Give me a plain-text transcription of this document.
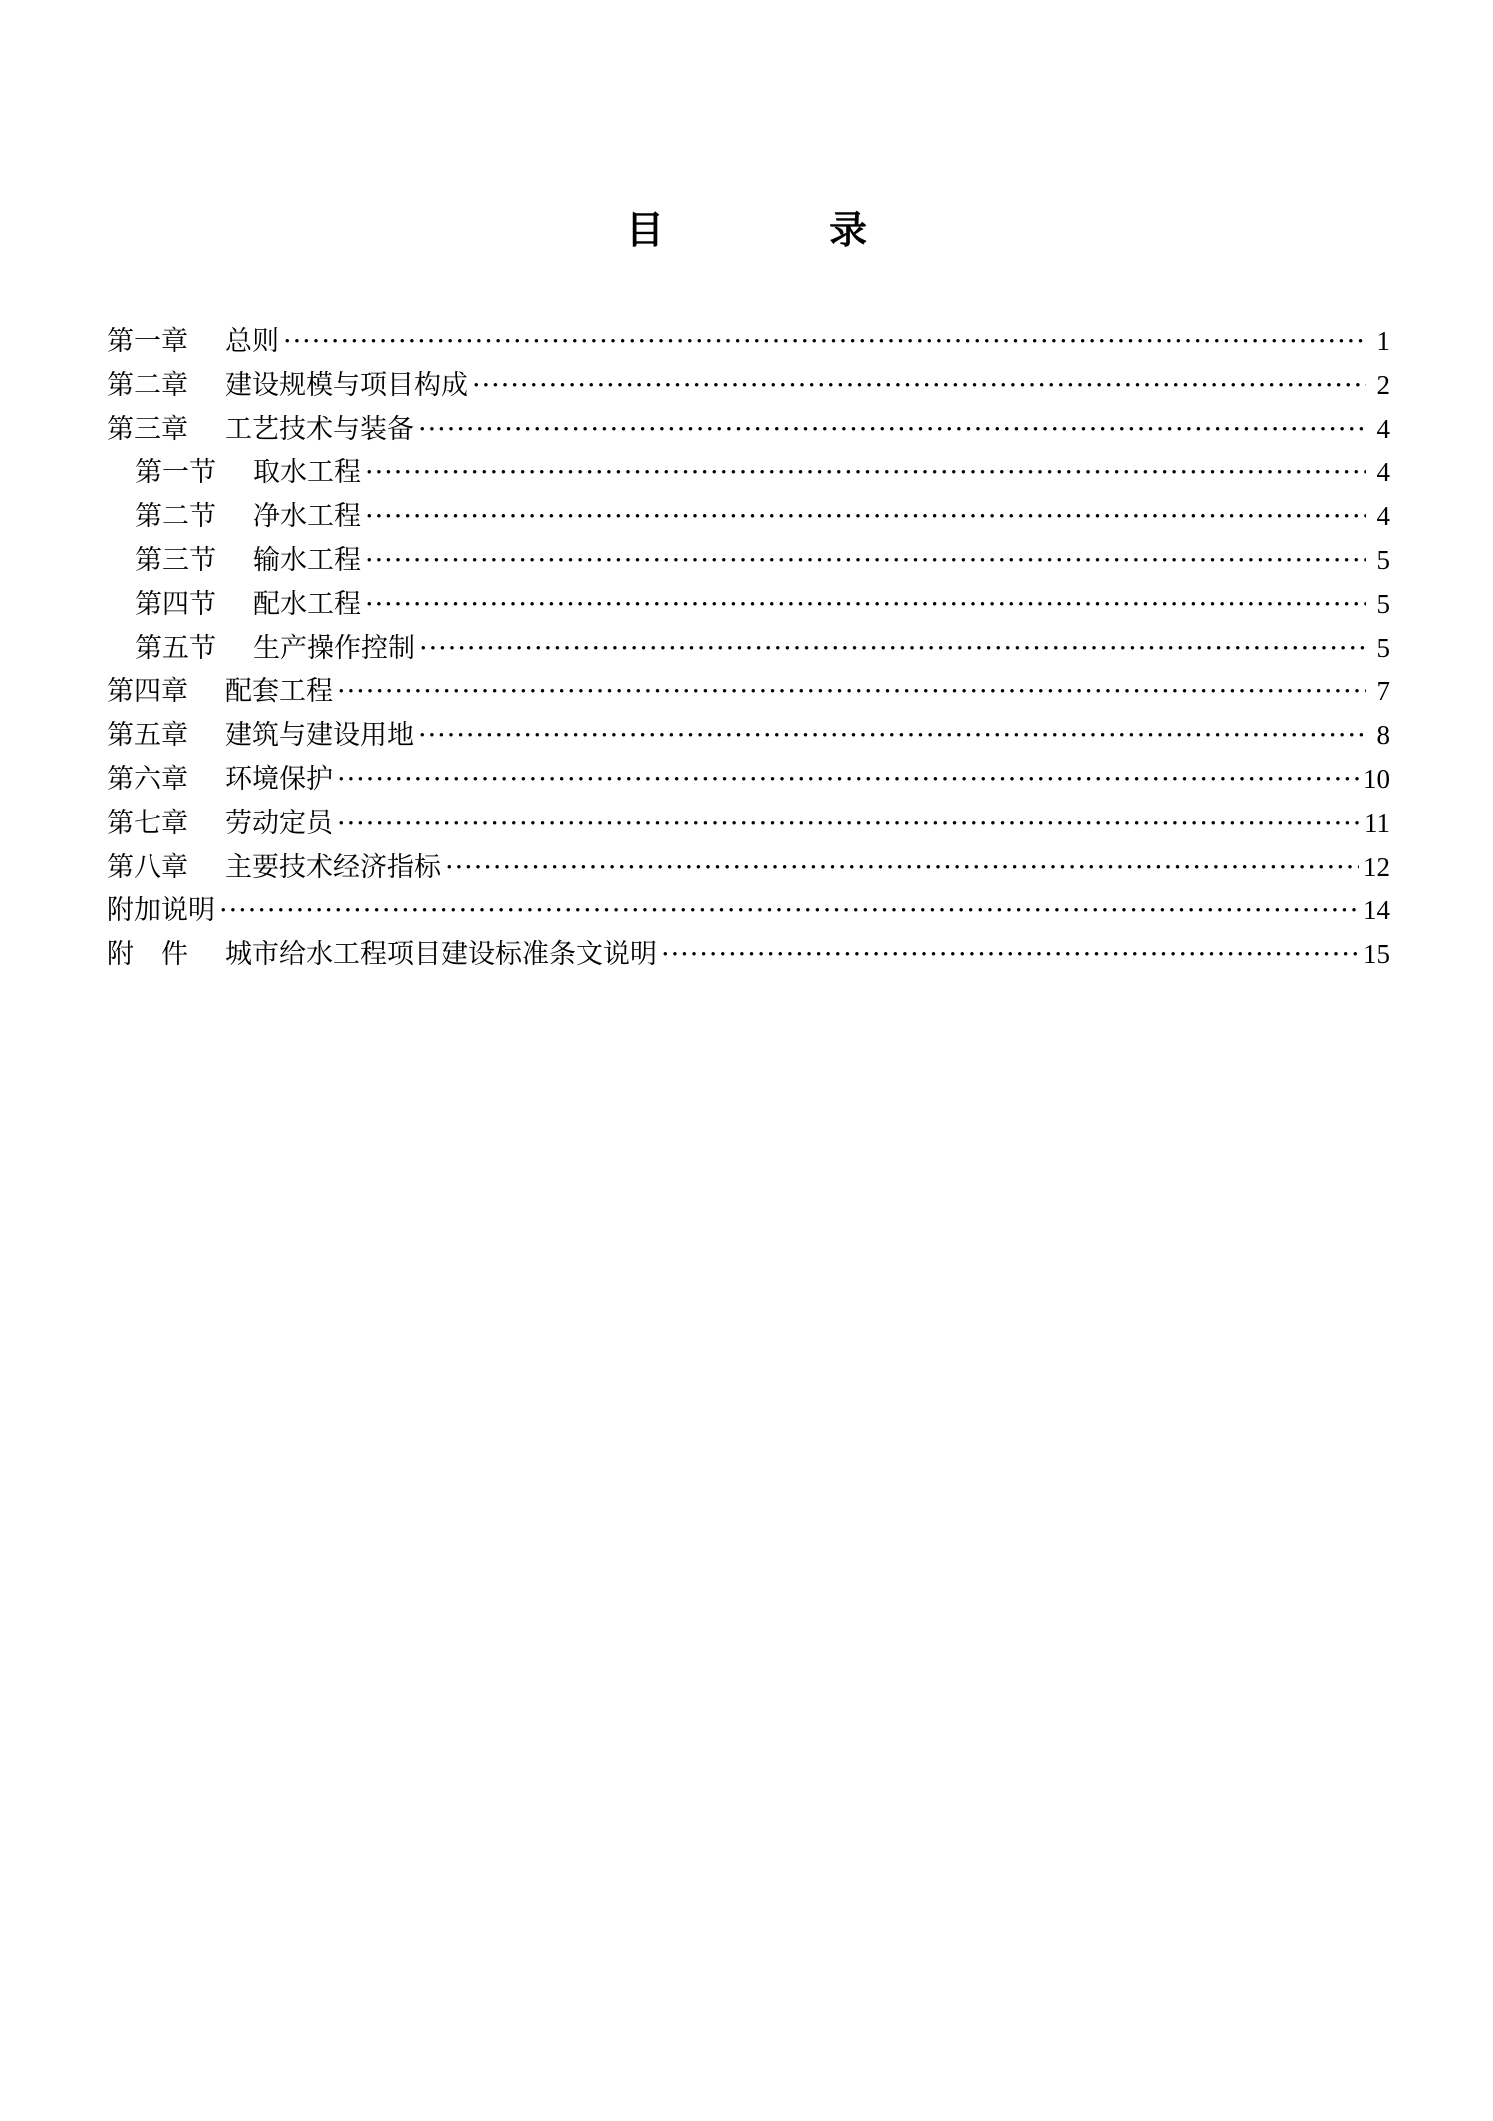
目 录
第一章	总则 ·····	1
第二章	建设规模与项目构成 ·····	2
第三章	工艺技术与装备 ·····	4
第一节	取水工程 ·····	4
第二节	净水工程 ·····	4
第三节	输水工程 ·····	5
第四节	配水工程 ·····	5
第五节	生产操作控制 ·····	5
第四章	配套工程 ·····	7
第五章	建筑与建设用地 ·····	8
第六章	环境保护 ·····	10
第七章	劳动定员 ·····	11
第八章	主要技术经济指标 ·····	12
附加说明 ·····	14
附件 城市给水工程项目建设标准条文说明 ·····	15
